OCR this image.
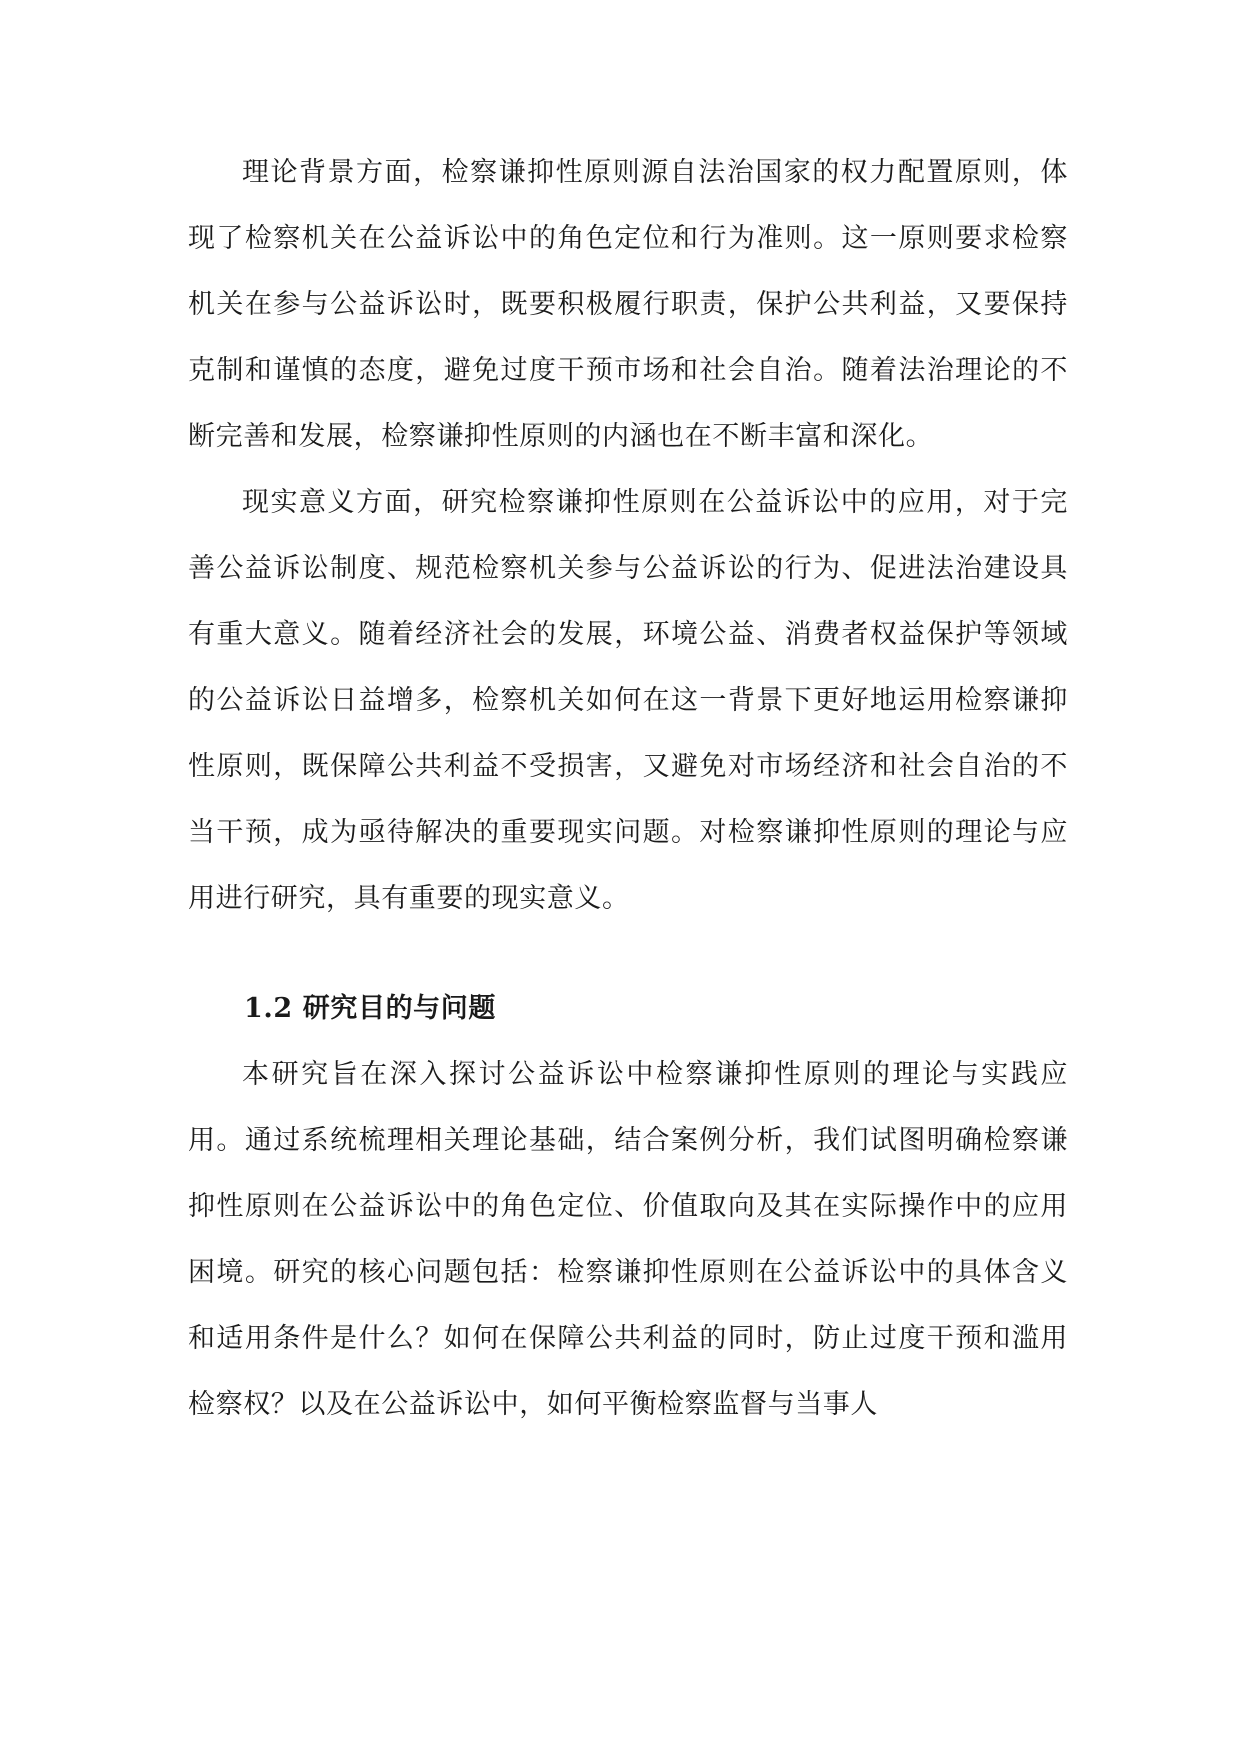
理论背景方面，检察谦抑性原则源自法治国家的权力配置原则，体现了检察机关在公益诉讼中的角色定位和行为准则。这一原则要求检察机关在参与公益诉讼时，既要积极履行职责，保护公共利益，又要保持克制和谨慎的态度，避免过度干预市场和社会自治。随着法治理论的不断完善和发展，检察谦抑性原则的内涵也在不断丰富和深化。

现实意义方面，研究检察谦抑性原则在公益诉讼中的应用，对于完善公益诉讼制度、规范检察机关参与公益诉讼的行为、促进法治建设具有重大意义。随着经济社会的发展，环境公益、消费者权益保护等领域的公益诉讼日益增多，检察机关如何在这一背景下更好地运用检察谦抑性原则，既保障公共利益不受损害，又避免对市场经济和社会自治的不当干预，成为亟待解决的重要现实问题。对检察谦抑性原则的理论与应用进行研究，具有重要的现实意义。

1.2 研究目的与问题

本研究旨在深入探讨公益诉讼中检察谦抑性原则的理论与实践应用。通过系统梳理相关理论基础，结合案例分析，我们试图明确检察谦抑性原则在公益诉讼中的角色定位、价值取向及其在实际操作中的应用困境。研究的核心问题包括：检察谦抑性原则在公益诉讼中的具体含义和适用条件是什么？如何在保障公共利益的同时，防止过度干预和滥用检察权？以及在公益诉讼中，如何平衡检察监督与当事人
